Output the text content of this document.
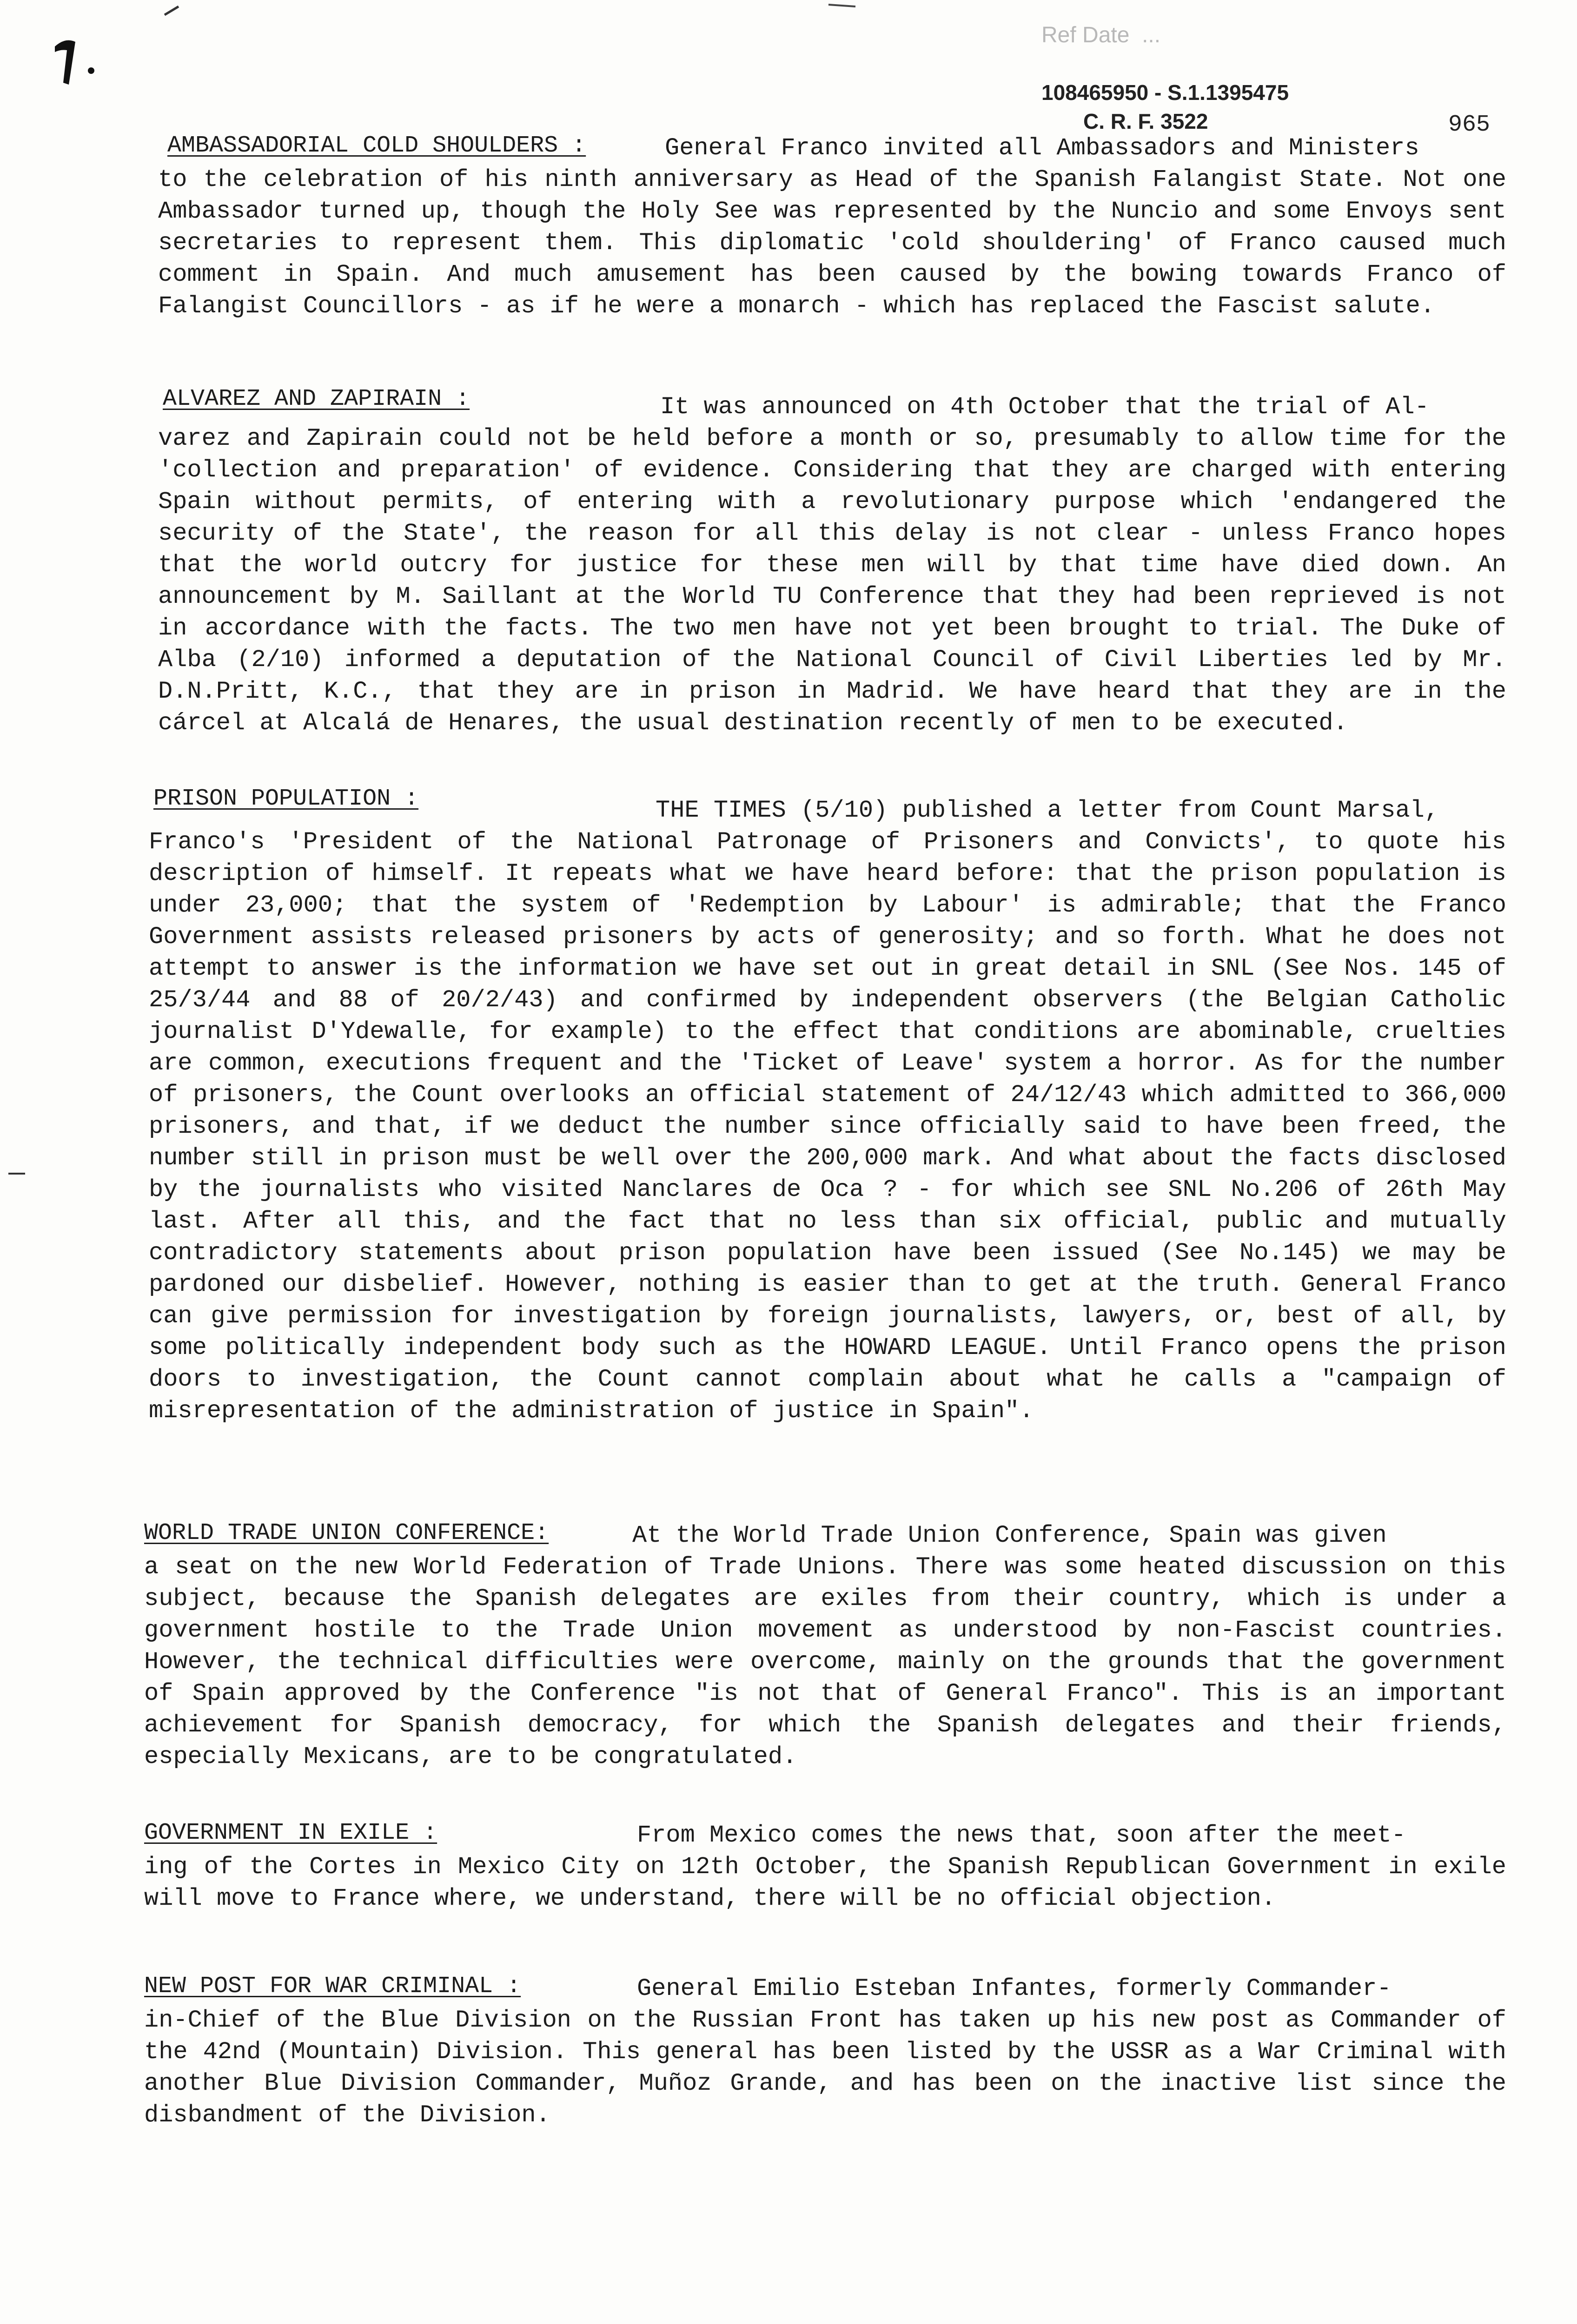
Ref Date  ...
108465950 - S.1.1395475
C. R. F. 3522	965
AMBASSADORIAL COLD SHOULDERS :	General Franco invited all Ambassadors and Ministers
to the celebration of his ninth anniversary as Head of the Spanish Falangist State. Not one Ambassador turned up, though the Holy See was represented by the Nuncio and some Envoys sent secretaries to represent them. This diplomatic 'cold shouldering' of Franco caused much comment in Spain. And much amusement has been caused by the bowing towards Franco of Falangist Councillors - as if he were a monarch - which has replaced the Fascist salute.
ALVAREZ AND ZAPIRAIN :	It was announced on 4th October that the trial of Al-
varez and Zapirain could not be held before a month or so, presumably to allow time for the 'collection and preparation' of evidence. Considering that they are charged with entering Spain without permits, of entering with a revolutionary purpose which 'endangered the security of the State', the reason for all this delay is not clear - unless Franco hopes that the world outcry for justice for these men will by that time have died down. An announcement by M. Saillant at the World TU Conference that they had been reprieved is not in accordance with the facts. The two men have not yet been brought to trial. The Duke of Alba (2/10) informed a deputation of the National Council of Civil Liberties led by Mr. D.N.Pritt, K.C., that they are in prison in Madrid. We have heard that they are in the cárcel at Alcalá de Henares, the usual destination recently of men to be executed.
PRISON POPULATION :	THE TIMES (5/10) published a letter from Count Marsal,
Franco's 'President of the National Patronage of Prisoners and Convicts', to quote his description of himself. It repeats what we have heard before: that the prison population is under 23,000; that the system of 'Redemption by Labour' is admirable; that the Franco Government assists released prisoners by acts of generosity; and so forth. What he does not attempt to answer is the information we have set out in great detail in SNL (See Nos. 145 of 25/3/44 and 88 of 20/2/43) and confirmed by independent observers (the Belgian Catholic journalist D'Ydewalle, for example) to the effect that conditions are abominable, cruelties are common, executions frequent and the 'Ticket of Leave' system a horror. As for the number of prisoners, the Count overlooks an official statement of 24/12/43 which admitted to 366,000 prisoners, and that, if we deduct the number since officially said to have been freed, the number still in prison must be well over the 200,000 mark. And what about the facts disclosed by the journalists who visited Nanclares de Oca ? - for which see SNL No.206 of 26th May last. After all this, and the fact that no less than six official, public and mutually contradictory statements about prison population have been issued (See No.145) we may be pardoned our disbelief. However, nothing is easier than to get at the truth. General Franco can give permission for investigation by foreign journalists, lawyers, or, best of all, by some politically independent body such as the HOWARD LEAGUE. Until Franco opens the prison doors to investigation, the Count cannot complain about what he calls a "campaign of misrepresentation of the administration of justice in Spain".
WORLD TRADE UNION CONFERENCE:	At the World Trade Union Conference, Spain was given
a seat on the new World Federation of Trade Unions. There was some heated discussion on this subject, because the Spanish delegates are exiles from their country, which is under a government hostile to the Trade Union movement as understood by non-Fascist countries. However, the technical difficulties were overcome, mainly on the grounds that the government of Spain approved by the Conference "is not that of General Franco". This is an important achievement for Spanish democracy, for which the Spanish delegates and their friends, especially Mexicans, are to be congratulated.
GOVERNMENT IN EXILE :	From Mexico comes the news that, soon after the meet-
ing of the Cortes in Mexico City on 12th October, the Spanish Republican Government in exile will move to France where, we understand, there will be no official objection.
NEW POST FOR WAR CRIMINAL :	General Emilio Esteban Infantes, formerly Commander-
in-Chief of the Blue Division on the Russian Front has taken up his new post as Commander of the 42nd (Mountain) Division. This general has been listed by the USSR as a War Criminal with another Blue Division Commander, Muñoz Grande, and has been on the inactive list since the disbandment of the Division.
